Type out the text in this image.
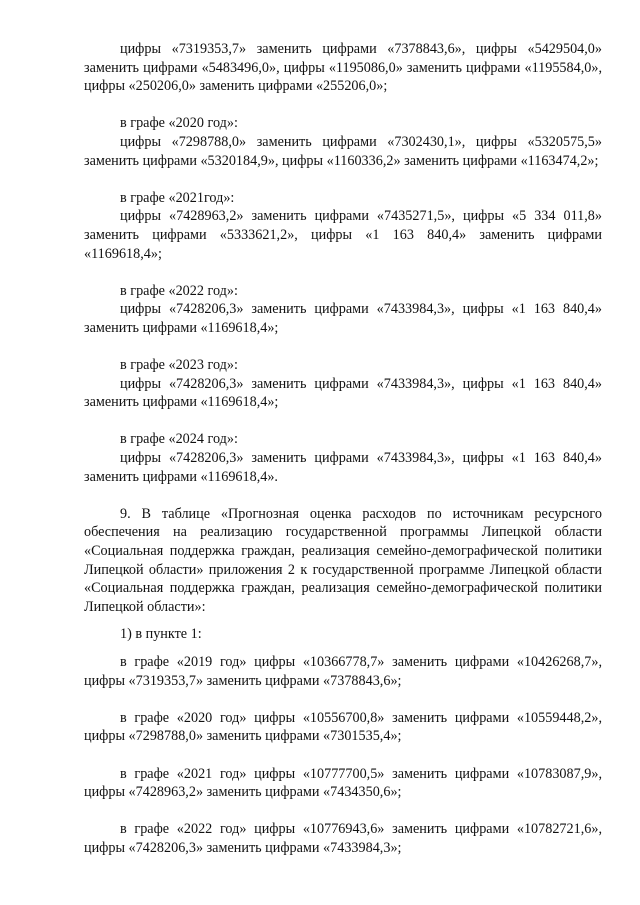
цифры «7319353,7» заменить цифрами «7378843,6», цифры «5429504,0» заменить цифрами «5483496,0», цифры «1195086,0» заменить цифрами «1195584,0», цифры «250206,0» заменить цифрами «255206,0»;

в графе «2020 год»:

цифры «7298788,0» заменить цифрами «7302430,1», цифры «5320575,5» заменить цифрами «5320184,9», цифры «1160336,2» заменить цифрами «1163474,2»;

в графе «2021год»:

цифры «7428963,2» заменить цифрами «7435271,5», цифры «5 334 011,8» заменить цифрами «5333621,2», цифры «1 163 840,4» заменить цифрами «1169618,4»;

в графе «2022 год»:

цифры «7428206,3» заменить цифрами «7433984,3», цифры «1 163 840,4» заменить цифрами «1169618,4»;

в графе «2023 год»:

цифры «7428206,3» заменить цифрами «7433984,3», цифры «1 163 840,4» заменить цифрами «1169618,4»;

в графе «2024 год»:

цифры «7428206,3» заменить цифрами «7433984,3», цифры «1 163 840,4» заменить цифрами «1169618,4».

9. В таблице «Прогнозная оценка расходов по источникам ресурсного обеспечения на реализацию государственной программы Липецкой области «Социальная поддержка граждан, реализация семейно-демографической политики Липецкой области» приложения 2 к государственной программе Липецкой области «Социальная поддержка граждан, реализация семейно-демографической политики Липецкой области»:

1) в пункте 1:

в графе «2019 год» цифры «10366778,7» заменить цифрами «10426268,7», цифры «7319353,7» заменить цифрами «7378843,6»;

в графе «2020 год» цифры «10556700,8» заменить цифрами «10559448,2», цифры «7298788,0» заменить цифрами «7301535,4»;

в графе «2021 год» цифры «10777700,5» заменить цифрами «10783087,9», цифры «7428963,2» заменить цифрами «7434350,6»;

в графе «2022 год» цифры «10776943,6» заменить цифрами «10782721,6», цифры «7428206,3» заменить цифрами «7433984,3»;
